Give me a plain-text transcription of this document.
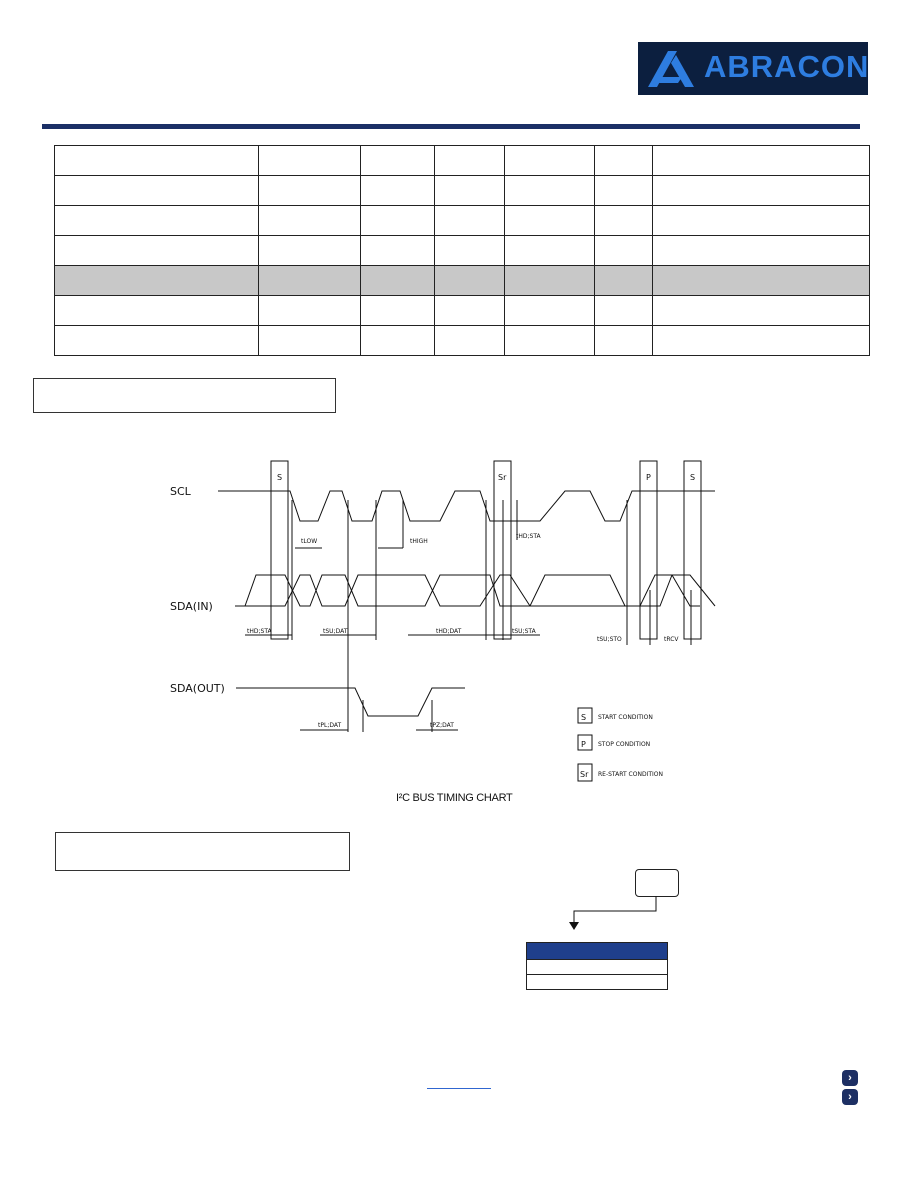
ABRACON

SCL
SDA(IN)
SDA(OUT)
S	Sr	P	S
tLOW	tHIGH
tHD;STA
tHD;STA	tSU;DAT	tHD;DAT	tSU;STA
tSU;STO	tRCV
tPL;DAT	tPZ;DAT
S START CONDITION
P STOP CONDITION
Sr RE-START CONDITION
I²C BUS TIMING CHART

›
›
